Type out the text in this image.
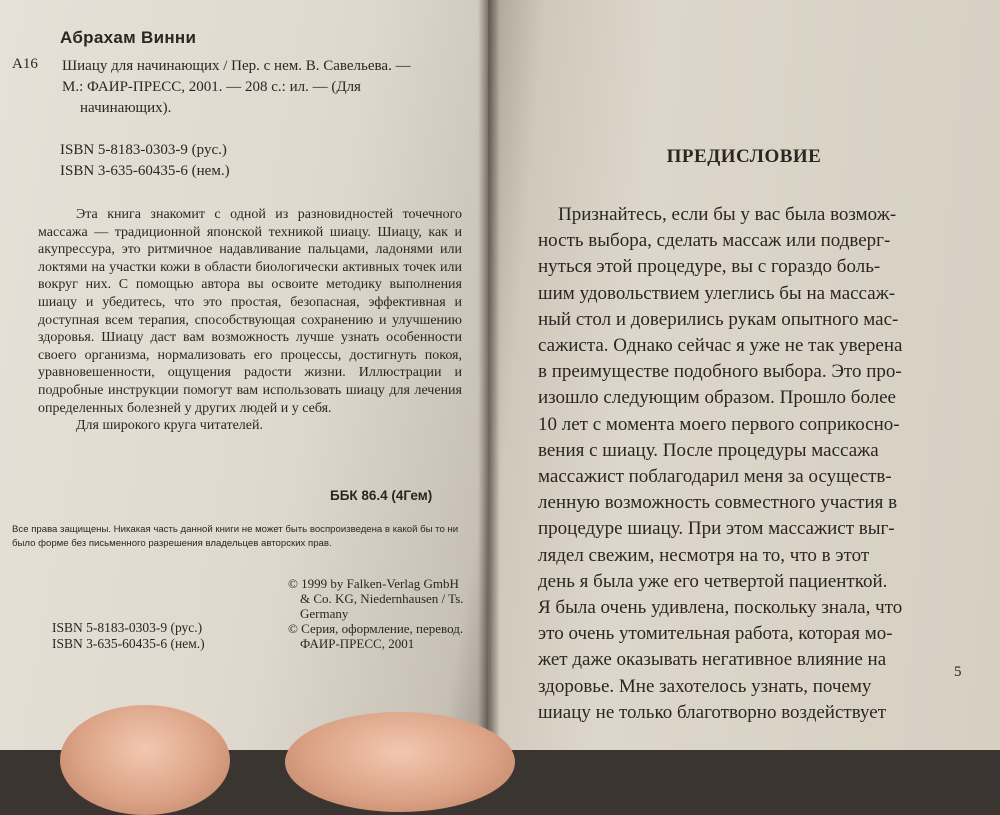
Абрахам Винни
А16 Шиацу для начинающих / Пер. с нем. В. Савельева. —
М.: ФАИР-ПРЕСС, 2001. — 208 с.: ил. — (Для
начинающих).
ISBN 5-8183-0303-9 (рус.)
ISBN 3-635-60435-6 (нем.)

Эта книга знакомит с одной из разновидностей точечного массажа — традиционной японской техникой шиацу. Шиацу, как и акупрессура, это ритмичное надавливание пальцами, ладонями или локтями на участки кожи в области биологически активных точек или вокруг них. С помощью автора вы освоите методику выполнения шиацу и убедитесь, что это простая, безопасная, эффективная и доступная всем терапия, способствующая сохранению и улучшению здоровья. Шиацу даст вам возможность лучше узнать особенности своего организма, нормализовать его процессы, достигнуть покоя, уравновешенности, ощущения радости жизни. Иллюстрации и подробные инструкции помогут вам использовать шиацу для лечения определенных болезней у других людей и у себя.

Для широкого круга читателей.

ББК 86.4 (4Гем)
Все права защищены. Никакая часть данной книги не может быть воспроизведена в какой бы то ни было форме без письменного разрешения владельцев авторских прав.
© 1999 by Falken-Verlag GmbH
& Co. KG, Niedernhausen / Ts.
Germany
© Серия, оформление, перевод.
ФАИР-ПРЕСС, 2001
ISBN 5-8183-0303-9 (рус.)
ISBN 3-635-60435-6 (нем.)
ПРЕДИСЛОВИЕ
Признайтесь, если бы у вас была возмож-
ность выбора, сделать массаж или подверг-
нуться этой процедуре, вы с гораздо боль-
шим удовольствием улеглись бы на массаж-
ный стол и доверились рукам опытного мас-
сажиста. Однако сейчас я уже не так уверена
в преимуществе подобного выбора. Это про-
изошло следующим образом. Прошло более
10 лет с момента моего первого соприкосно-
вения с шиацу. После процедуры массажа
массажист поблагодарил меня за осуществ-
ленную возможность совместного участия в
процедуре шиацу. При этом массажист выг-
лядел свежим, несмотря на то, что в этот
день я была уже его четвертой пациенткой.
Я была очень удивлена, поскольку знала, что
это очень утомительная работа, которая мо-
жет даже оказывать негативное влияние на
здоровье. Мне захотелось узнать, почему
шиацу не только благотворно воздействует
5
